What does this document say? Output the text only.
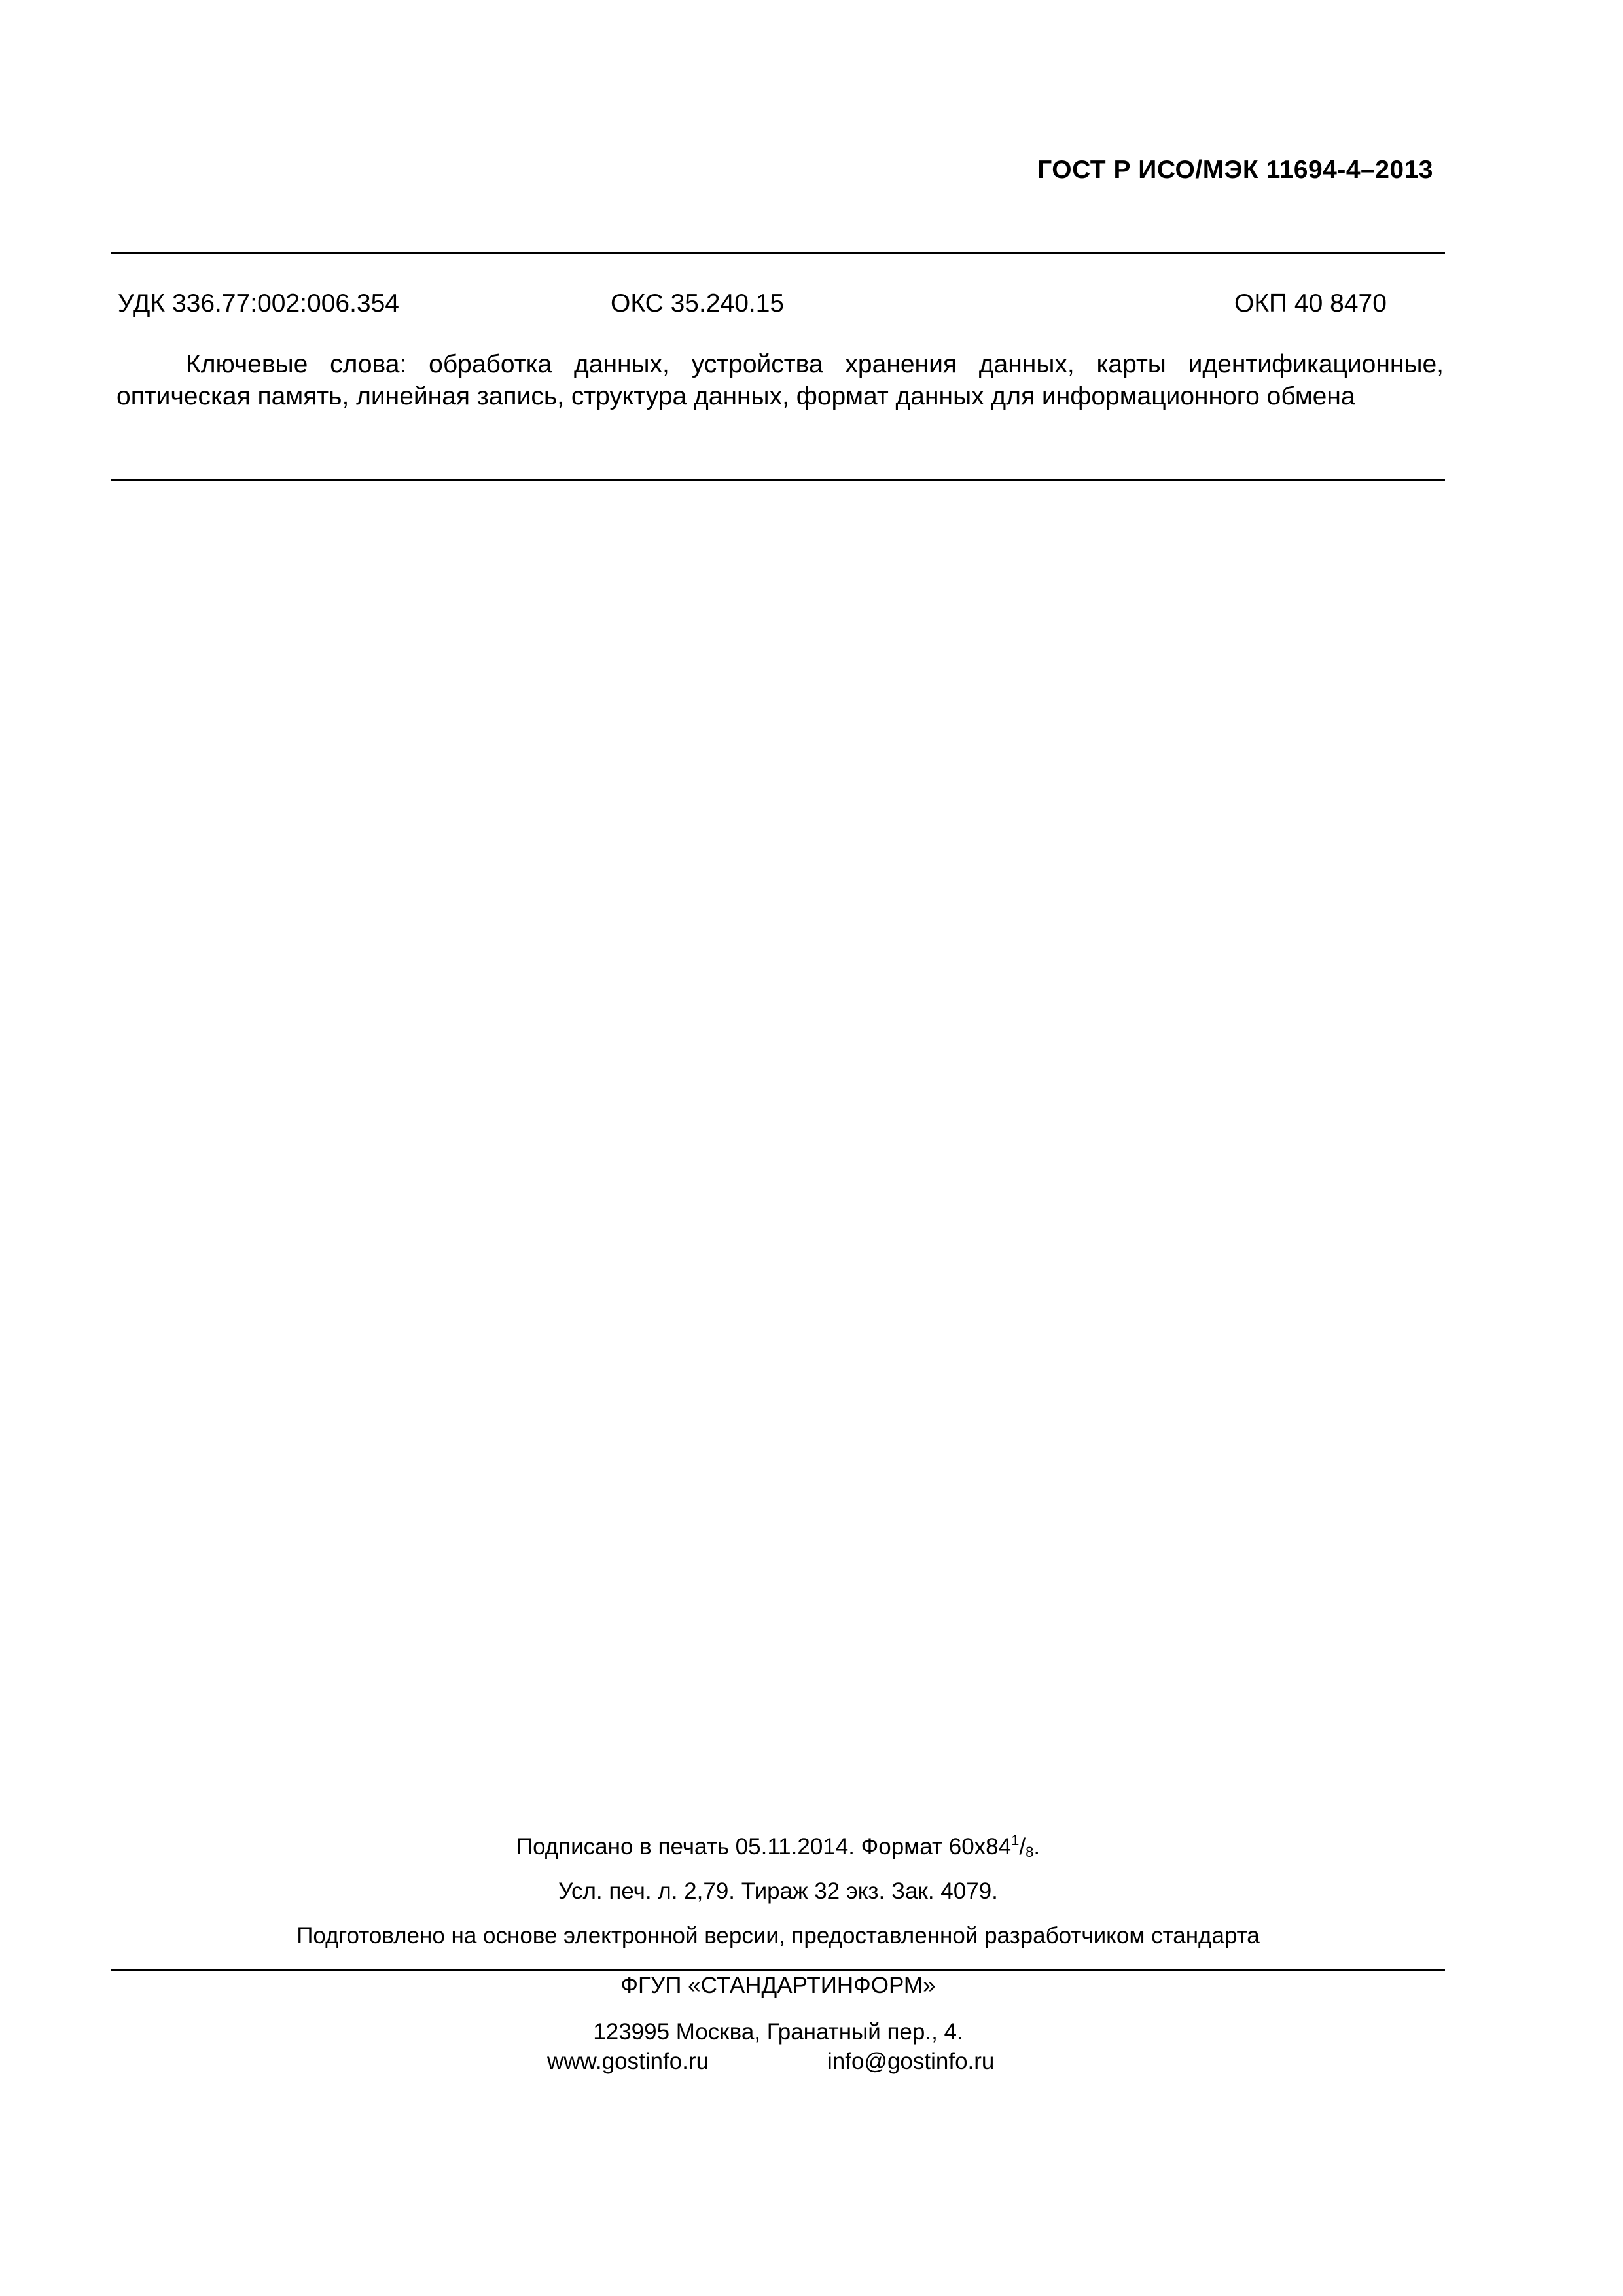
ГОСТ Р ИСО/МЭК 11694-4–2013
УДК 336.77:002:006.354	ОКС 35.240.15	ОКП 40 8470

Ключевые слова: обработка данных, устройства хранения данных, карты идентификационные, оптическая память, линейная запись, структура данных, формат данных для информационного обмена

Подписано в печать 05.11.2014. Формат $60x84^1/_8$.
Усл. печ. л. 2,79. Тираж 32 экз. Зак. 4079.
Подготовлено на основе электронной версии, предоставленной разработчиком стандарта
ФГУП «СТАНДАРТИНФОРМ»
123995 Москва, Гранатный пер., 4.
www.gostinfo.ru	info@gostinfo.ru
